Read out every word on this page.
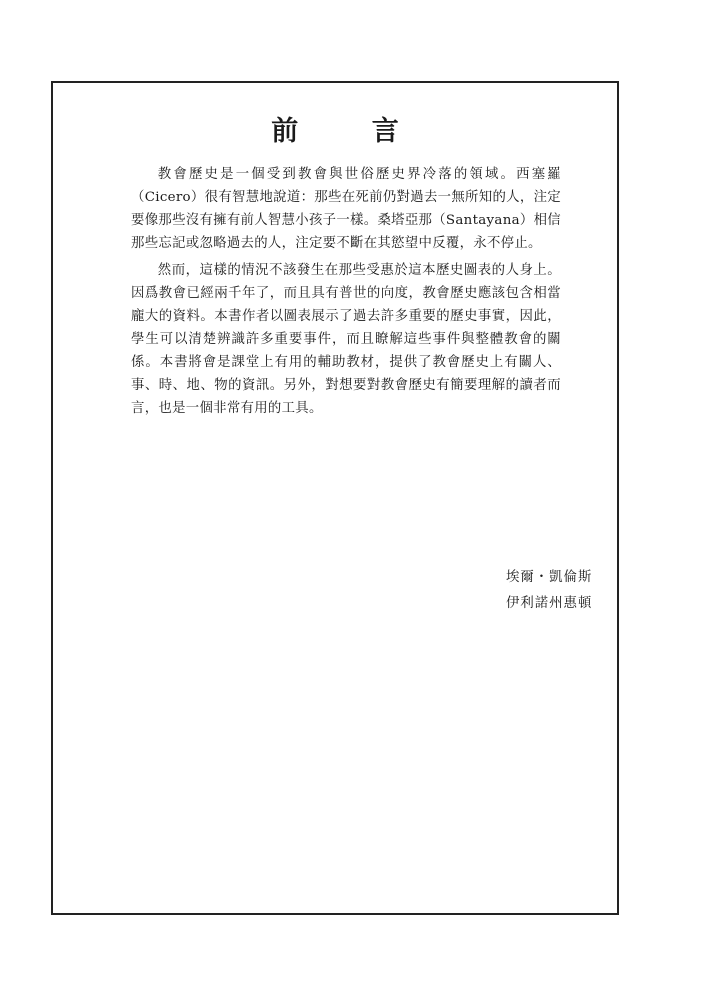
前 言

教會歷史是一個受到教會與世俗歷史界冷落的領域。西塞羅（Cicero）很有智慧地說道：那些在死前仍對過去一無所知的人，注定要像那些沒有擁有前人智慧小孩子一樣。桑塔亞那（Santayana）相信那些忘記或忽略過去的人，注定要不斷在其慾望中反覆，永不停止。

然而，這樣的情況不該發生在那些受惠於這本歷史圖表的人身上。因爲教會已經兩千年了，而且具有普世的向度，教會歷史應該包含相當龐大的資料。本書作者以圖表展示了過去許多重要的歷史事實，因此，學生可以清楚辨識許多重要事件，而且瞭解這些事件與整體教會的關係。本書將會是課堂上有用的輔助教材，提供了教會歷史上有關人、事、時、地、物的資訊。另外，對想要對教會歷史有簡要理解的讀者而言，也是一個非常有用的工具。

埃爾・凱倫斯
伊利諾州惠頓
